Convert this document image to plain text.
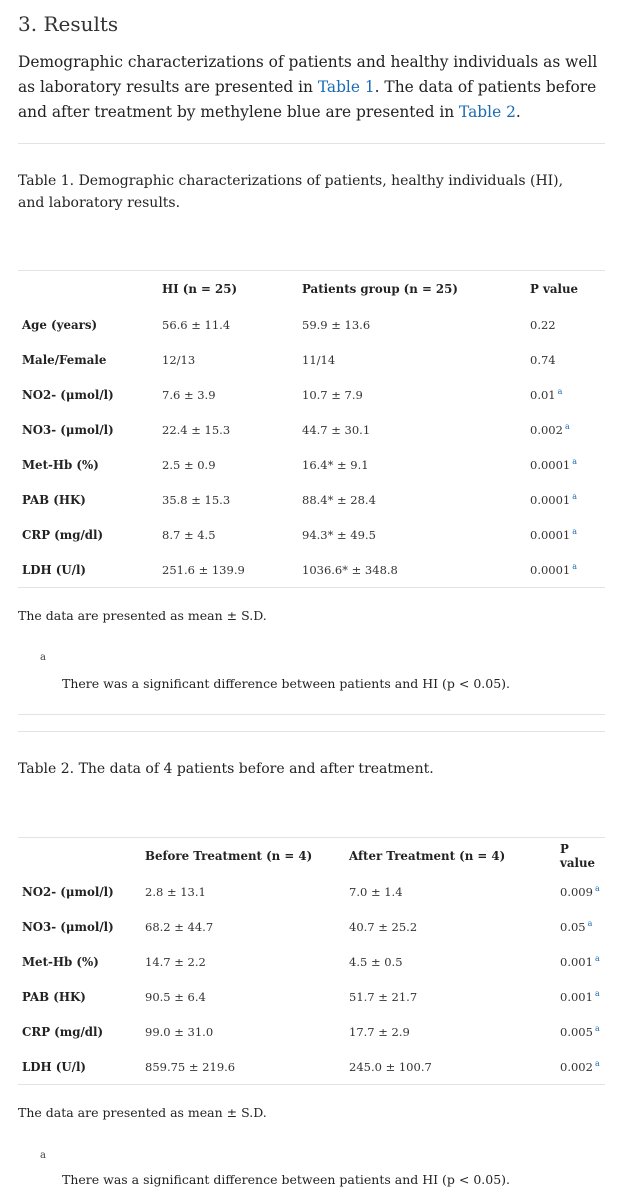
3. Results
Demographic characterizations of patients and healthy individuals as well as laboratory results are presented in Table 1. The data of patients before and after treatment by methylene blue are presented in Table 2.
Table 1. Demographic characterizations of patients, healthy individuals (HI), and laboratory results.
	HI (n = 25)	Patients group (n = 25)	P value
Age (years)	56.6 ± 11.4	59.9 ± 13.6	0.22
Male/Female	12/13	11/14	0.74
NO2- (μmol/l)	7.6 ± 3.9	10.7 ± 7.9	0.01 $^a$
NO3- (μmol/l)	22.4 ± 15.3	44.7 ± 30.1	0.002 $^a$
Met-Hb (%)	2.5 ± 0.9	16.4* ± 9.1	0.0001 $^a$
PAB (HK)	35.8 ± 15.3	88.4* ± 28.4	0.0001 $^a$
CRP (mg/dl)	8.7 ± 4.5	94.3* ± 49.5	0.0001 $^a$
LDH (U/l)	251.6 ± 139.9	1036.6* ± 348.8	0.0001 $^a$
The data are presented as mean ± S.D.
a
There was a significant difference between patients and HI (p < 0.05).
Table 2. The data of 4 patients before and after treatment.
	Before Treatment (n = 4)	After Treatment (n = 4)	P value
NO2- (μmol/l)	2.8 ± 13.1	7.0 ± 1.4	0.009 $^a$
NO3- (μmol/l)	68.2 ± 44.7	40.7 ± 25.2	0.05 $^a$
Met-Hb (%)	14.7 ± 2.2	4.5 ± 0.5	0.001 $^a$
PAB (HK)	90.5 ± 6.4	51.7 ± 21.7	0.001 $^a$
CRP (mg/dl)	99.0 ± 31.0	17.7 ± 2.9	0.005 $^a$
LDH (U/l)	859.75 ± 219.6	245.0 ± 100.7	0.002 $^a$
The data are presented as mean ± S.D.
a
There was a significant difference between patients and HI (p < 0.05).
